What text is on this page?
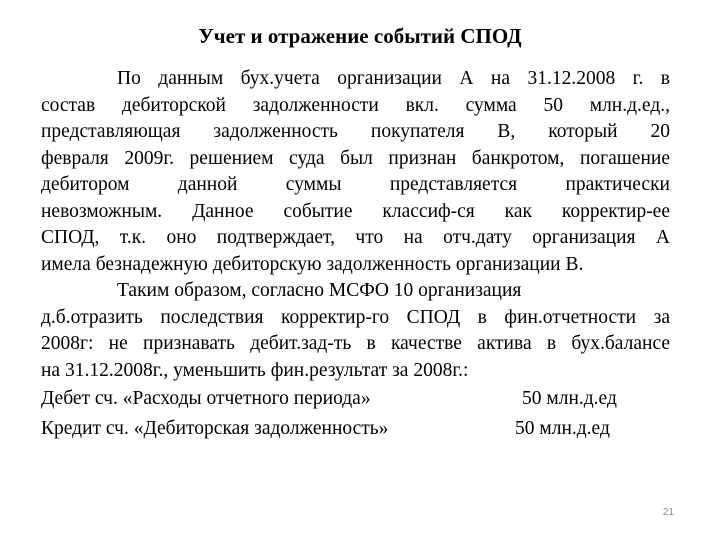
Учет и отражение событий СПОД
По данным бух.учета организации А на 31.12.2008 г. в
состав дебиторской задолженности вкл. сумма 50 млн.д.ед.,
представляющая задолженность покупателя В, который 20
февраля 2009г. решением суда был признан банкротом, погашение
дебитором данной суммы представляется практически
невозможным. Данное событие классиф-ся как корректир-ее
СПОД, т.к. оно подтверждает, что на отч.дату организация А
имела безнадежную дебиторскую задолженность организации В.
Таким образом, согласно МСФО 10 организация
д.б.отразить последствия корректир-го СПОД в фин.отчетности за
2008г: не признавать дебит.зад-ть в качестве актива в бух.балансе
на 31.12.2008г., уменьшить фин.результат за 2008г.:
Дебет сч. «Расходы отчетного периода»	50 млн.д.ед
Кредит сч. «Дебиторская задолженность»	50 млн.д.ед
21
